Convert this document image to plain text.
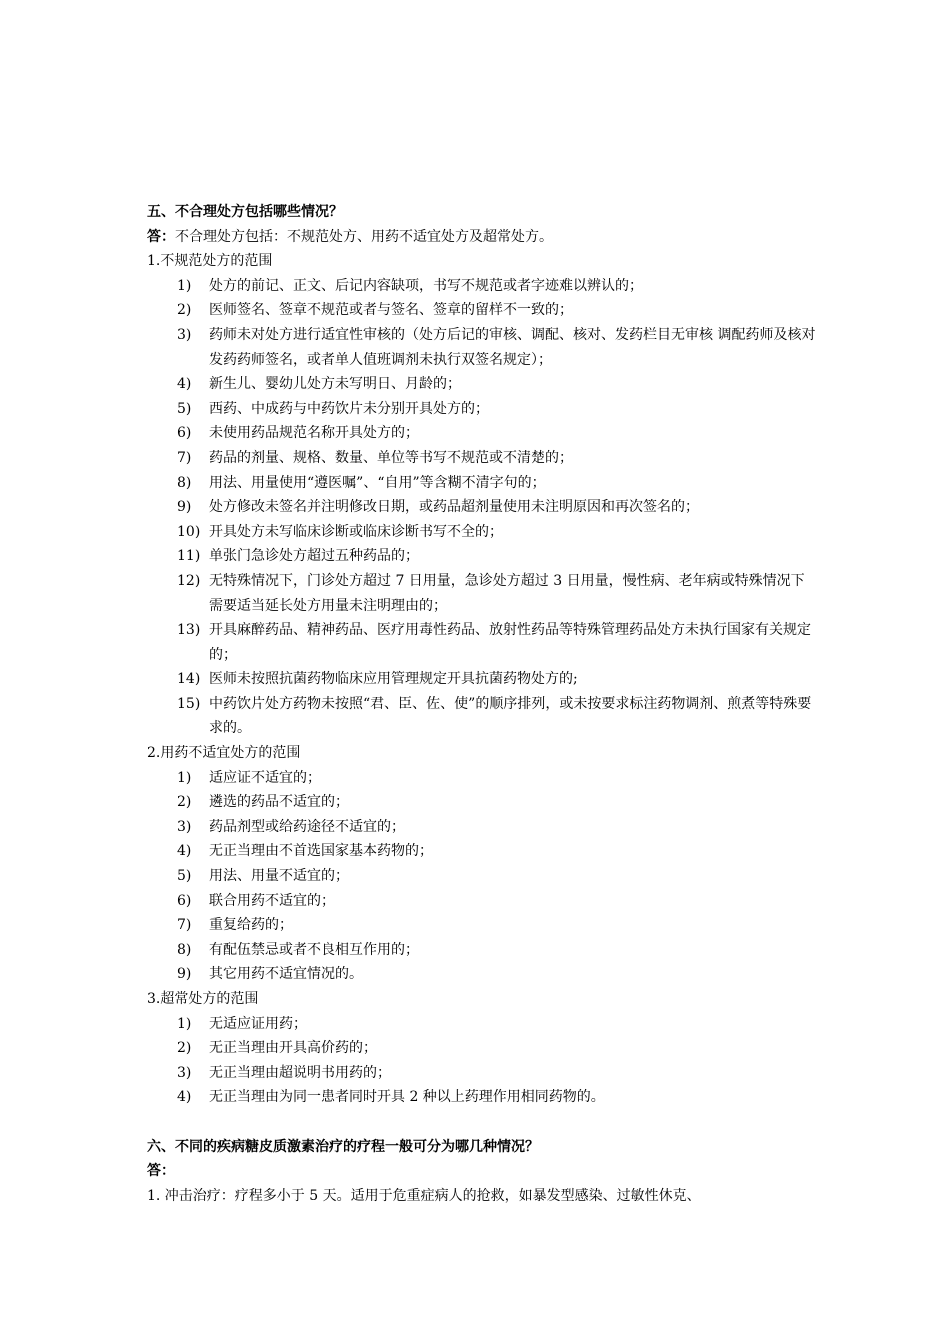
五、不合理处方包括哪些情况？

答：不合理处方包括：不规范处方、用药不适宜处方及超常处方。

1.不规范处方的范围

1)	处方的前记、正文、后记内容缺项，书写不规范或者字迹难以辨认的；
2)	医师签名、签章不规范或者与签名、签章的留样不一致的；
3)	药师未对处方进行适宜性审核的（处方后记的审核、调配、核对、发药栏目无审核 调配药师及核对发药药师签名，或者单人值班调剂未执行双签名规定）；
4)	新生儿、婴幼儿处方未写明日、月龄的；
5)	西药、中成药与中药饮片未分别开具处方的；
6)	未使用药品规范名称开具处方的；
7)	药品的剂量、规格、数量、单位等书写不规范或不清楚的；
8)	用法、用量使用“遵医嘱”、“自用”等含糊不清字句的；
9)	处方修改未签名并注明修改日期，或药品超剂量使用未注明原因和再次签名的；
10) 开具处方未写临床诊断或临床诊断书写不全的；
11) 单张门急诊处方超过五种药品的；
12) 无特殊情况下，门诊处方超过 7 日用量，急诊处方超过 3 日用量，慢性病、老年病或特殊情况下需要适当延长处方用量未注明理由的；
13) 开具麻醉药品、精神药品、医疗用毒性药品、放射性药品等特殊管理药品处方未执行国家有关规定的；
14) 医师未按照抗菌药物临床应用管理规定开具抗菌药物处方的;
15) 中药饮片处方药物未按照“君、臣、佐、使”的顺序排列，或未按要求标注药物调剂、煎煮等特殊要求的。

2.用药不适宜处方的范围

1)	适应证不适宜的；
2)	遴选的药品不适宜的；
3)	药品剂型或给药途径不适宜的；
4)	无正当理由不首选国家基本药物的；
5)	用法、用量不适宜的；
6)	联合用药不适宜的；
7)	重复给药的；
8)	有配伍禁忌或者不良相互作用的；
9)	其它用药不适宜情况的。

3.超常处方的范围

1)	无适应证用药；
2)	无正当理由开具高价药的；
3)	无正当理由超说明书用药的；
4)	无正当理由为同一患者同时开具 2 种以上药理作用相同药物的。

六、不同的疾病糖皮质激素治疗的疗程一般可分为哪几种情况？

答：

1. 冲击治疗：疗程多小于 5 天。适用于危重症病人的抢救，如暴发型感染、过敏性休克、
